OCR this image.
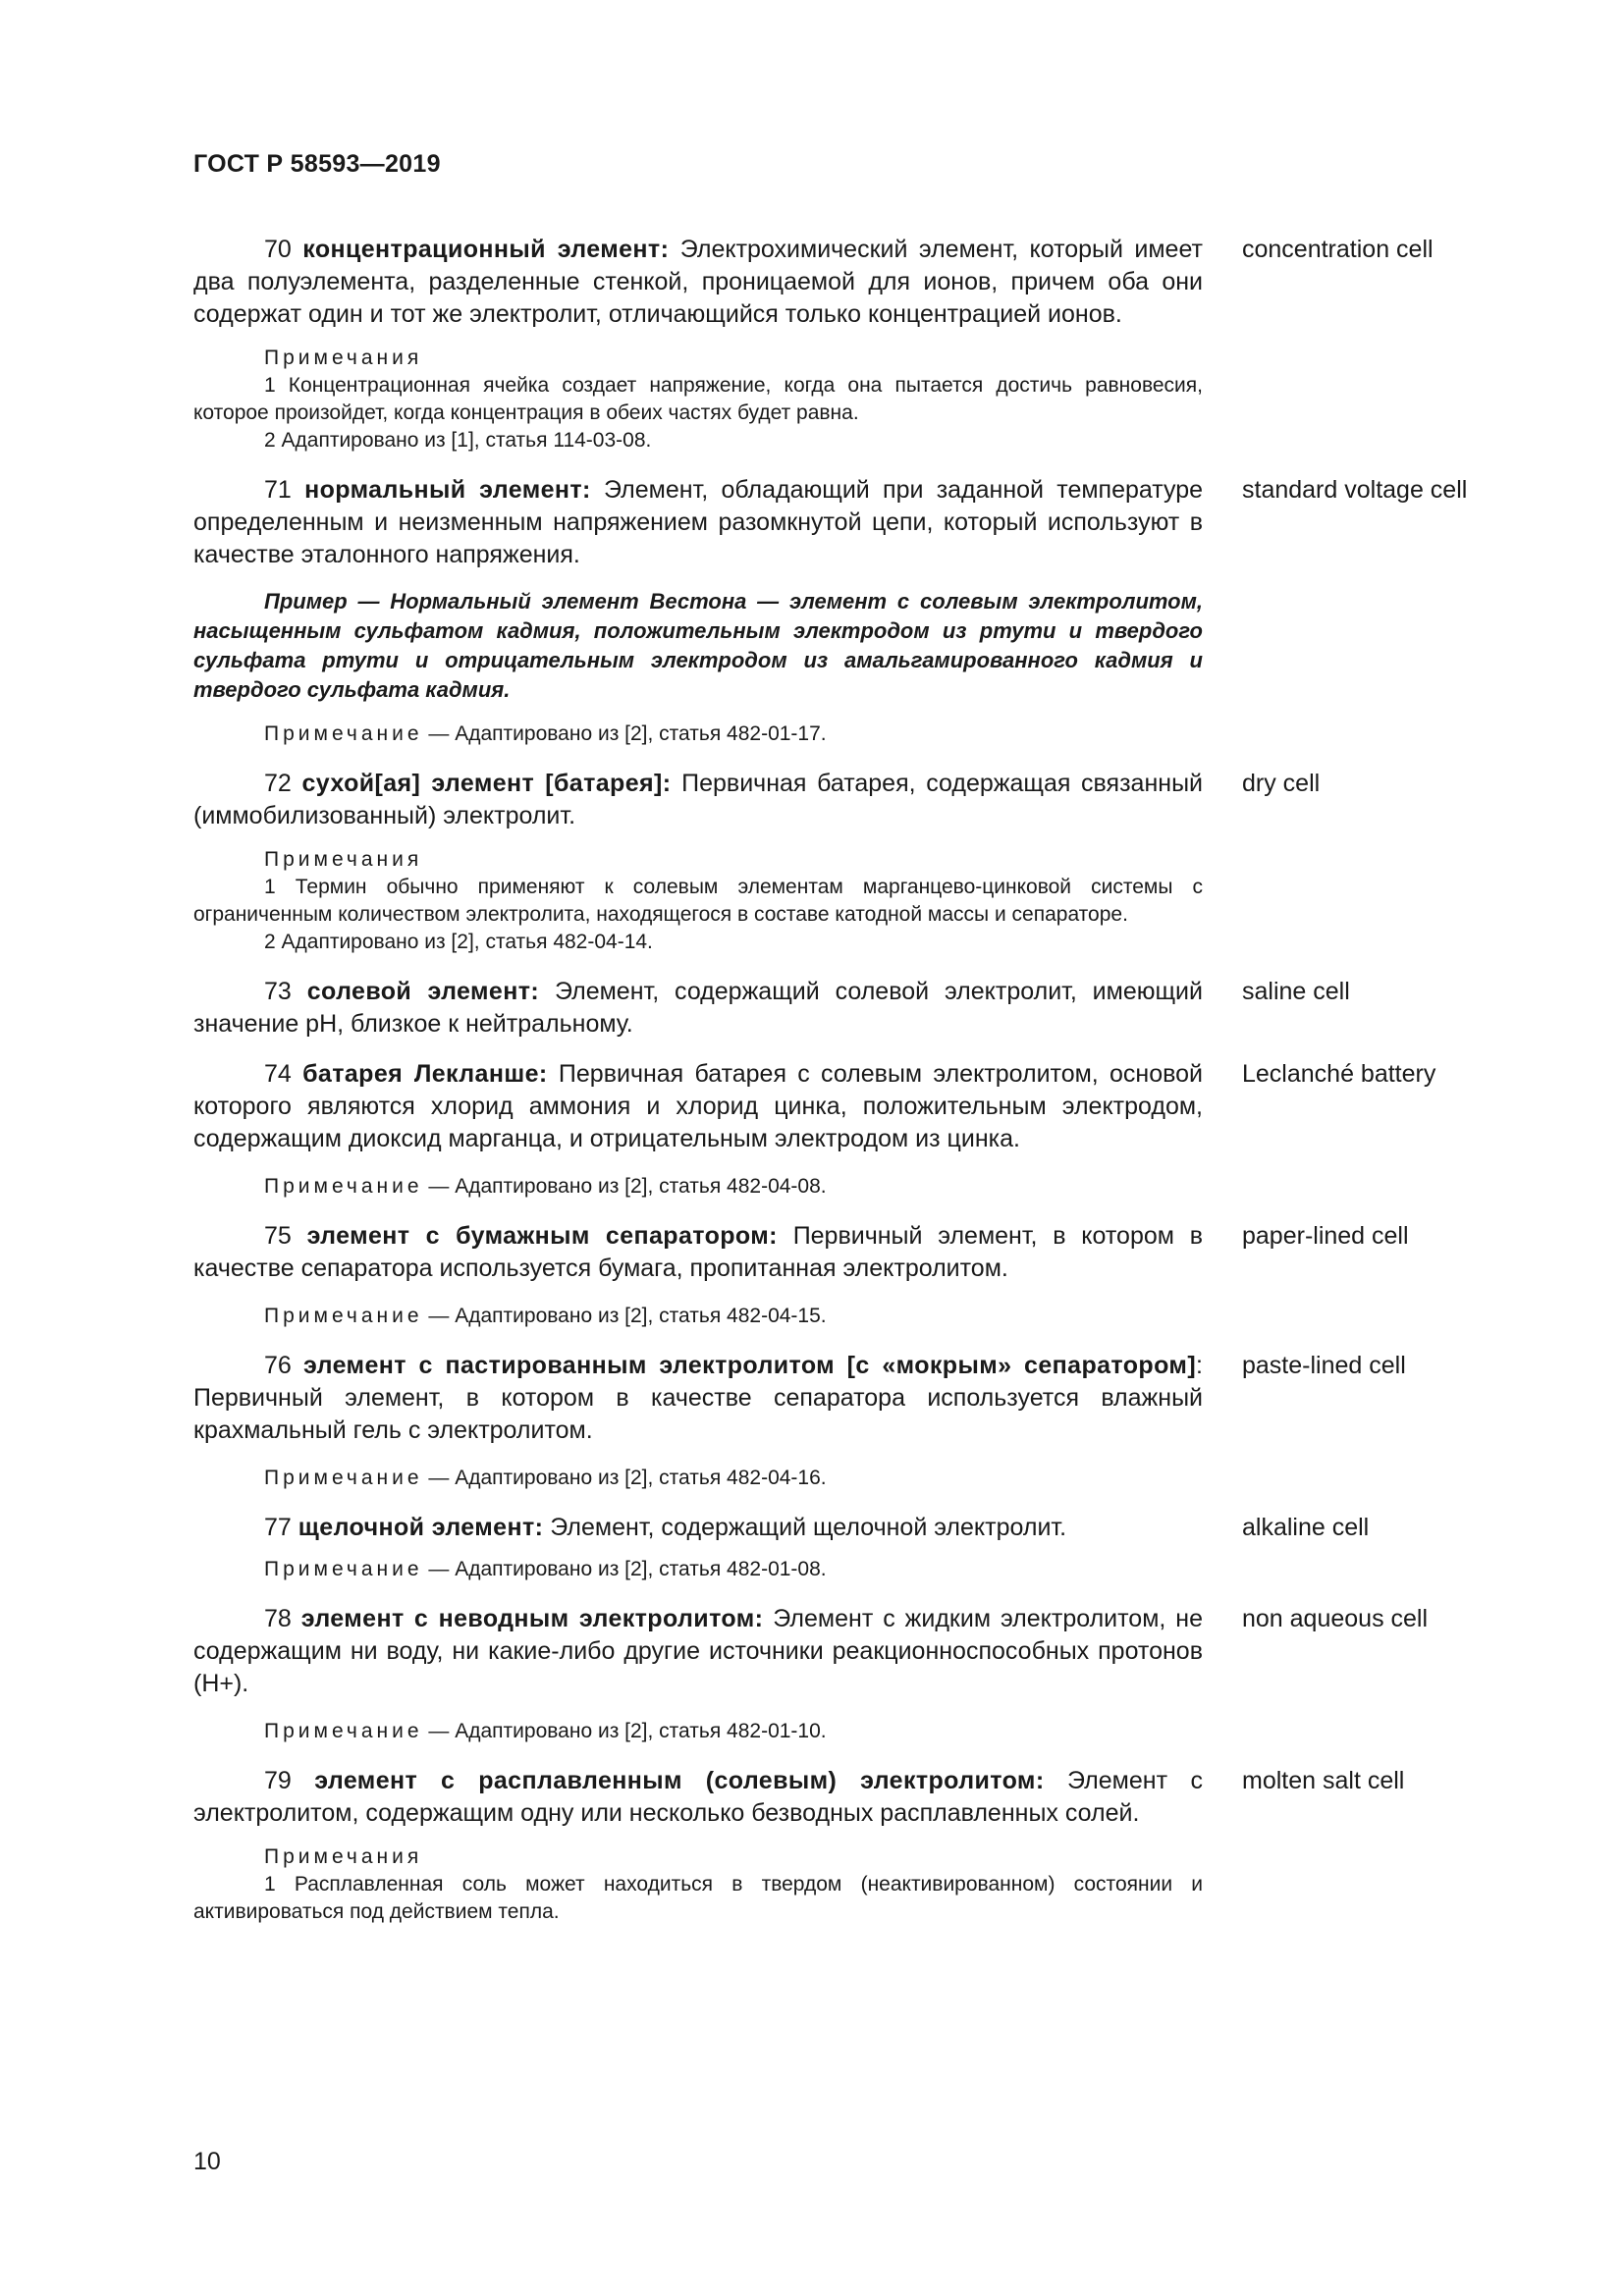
ГОСТ Р 58593—2019

70 концентрационный элемент: Электрохимический элемент, который имеет два полуэлемента, разделенные стенкой, проницаемой для ионов, причем оба они содержат один и тот же электролит, отличающийся только концентрацией ионов.

concentration cell

Примечания

1 Концентрационная ячейка создает напряжение, когда она пытается достичь равновесия, которое произойдет, когда концентрация в обеих частях будет равна.

2 Адаптировано из [1], статья 114-03-08.

71 нормальный элемент: Элемент, обладающий при заданной температуре определенным и неизменным напряжением разомкнутой цепи, который используют в качестве эталонного напряжения.

standard voltage cell

Пример — Нормальный элемент Вестона — элемент с солевым электролитом, насыщенным сульфатом кадмия, положительным электродом из ртути и твердого сульфата ртути и отрицательным электродом из амальгамированного кадмия и твердого сульфата кадмия.

Примечание — Адаптировано из [2], статья 482-01-17.

72 сухой[ая] элемент [батарея]: Первичная батарея, содержащая связанный (иммобилизованный) электролит.

dry cell

Примечания

1 Термин обычно применяют к солевым элементам марганцево-цинковой системы с ограниченным количеством электролита, находящегося в составе катодной массы и сепараторе.

2 Адаптировано из [2], статья 482-04-14.

73 солевой элемент: Элемент, содержащий солевой электролит, имеющий значение pH, близкое к нейтральному.

saline cell

74 батарея Лекланше: Первичная батарея с солевым электролитом, основой которого являются хлорид аммония и хлорид цинка, положительным электродом, содержащим диоксид марганца, и отрицательным электродом из цинка.

Leclanché battery

Примечание — Адаптировано из [2], статья 482-04-08.

75 элемент с бумажным сепаратором: Первичный элемент, в котором в качестве сепаратора используется бумага, пропитанная электролитом.

paper-lined cell

Примечание — Адаптировано из [2], статья 482-04-15.

76 элемент с пастированным электролитом [с «мокрым» сепаратором]: Первичный элемент, в котором в качестве сепаратора используется влажный крахмальный гель с электролитом.

paste-lined cell

Примечание — Адаптировано из [2], статья 482-04-16.

77 щелочной элемент: Элемент, содержащий щелочной электролит.	alkaline cell

Примечание — Адаптировано из [2], статья 482-01-08.

78 элемент с неводным электролитом: Элемент с жидким электролитом, не содержащим ни воду, ни какие-либо другие источники реакционноспособных протонов (H+).

non aqueous cell

Примечание — Адаптировано из [2], статья 482-01-10.

79 элемент с расплавленным (солевым) электролитом: Элемент с электролитом, содержащим одну или несколько безводных расплавленных солей.

molten salt cell

Примечания

1 Расплавленная соль может находиться в твердом (неактивированном) состоянии и активироваться под действием тепла.

10
